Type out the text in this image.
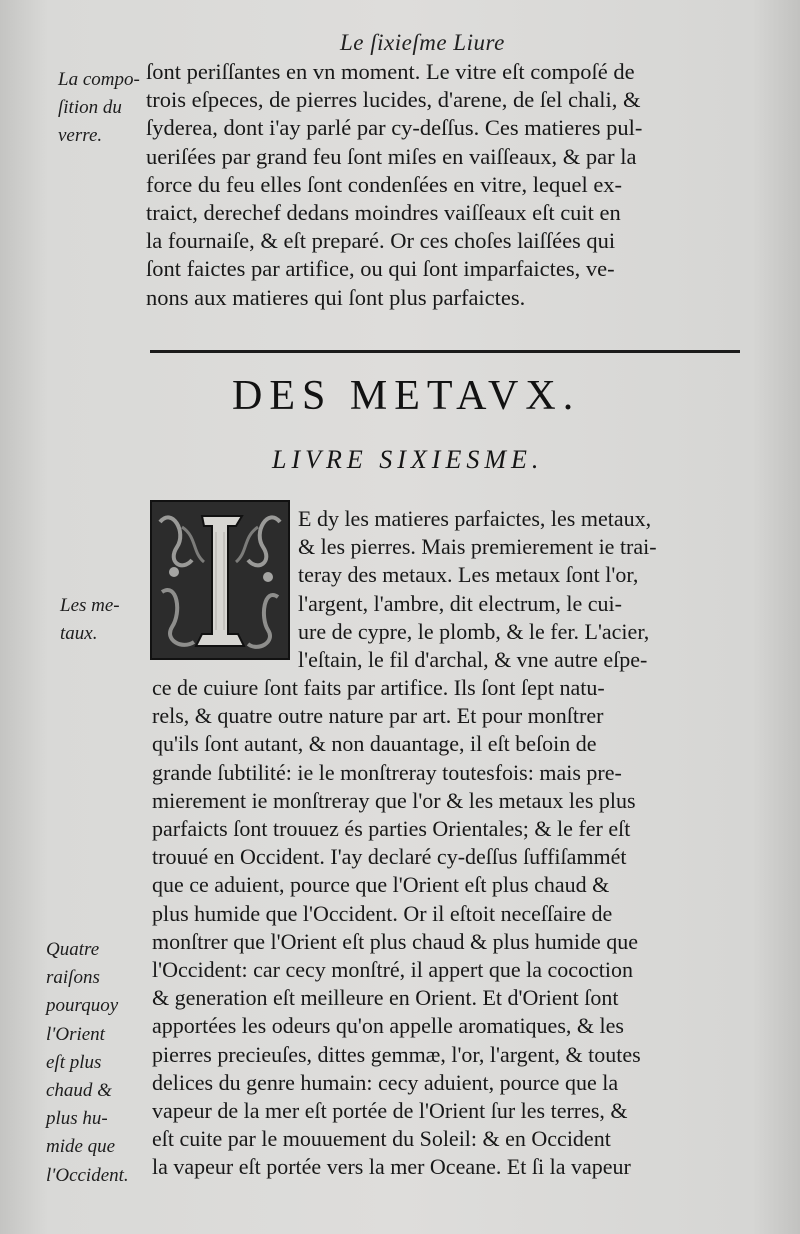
Le ſixieſme Liure
La compo-
ſition du
verre.
ſont periſſantes en vn moment. Le vitre eſt compoſé de
trois eſpeces, de pierres lucides, d'arene, de ſel chali, &
ſyderea, dont i'ay parlé par cy-deſſus. Ces matieres pul-
ueriſées par grand feu ſont miſes en vaiſſeaux, & par la
force du feu elles ſont condenſées en vitre, lequel ex-
traict, derechef dedans moindres vaiſſeaux eſt cuit en
la fournaiſe, & eſt preparé. Or ces choſes laiſſées qui
ſont faictes par artifice, ou qui ſont imparfaictes, ve-
nons aux matieres qui ſont plus parfaictes.
DES METAVX.
LIVRE SIXIESME.
Les me-
taux.
E dy les matieres parfaictes, les metaux,
& les pierres. Mais premierement ie trai-
teray des metaux. Les metaux ſont l'or,
l'argent, l'ambre, dit electrum, le cui-
ure de cypre, le plomb, & le fer. L'acier,
l'eſtain, le fil d'archal, & vne autre eſpe-
ce de cuiure ſont faits par artifice. Ils ſont ſept natu-
rels, & quatre outre nature par art. Et pour monſtrer
qu'ils ſont autant, & non dauantage, il eſt beſoin de
grande ſubtilité: ie le monſtreray toutesfois: mais pre-
mierement ie monſtreray que l'or & les metaux les plus
parfaicts ſont trouuez és parties Orientales; & le fer eſt
trouué en Occident. I'ay declaré cy-deſſus ſuffiſammét
que ce aduient, pource que l'Orient eſt plus chaud &
plus humide que l'Occident. Or il eſtoit neceſſaire de
monſtrer que l'Orient eſt plus chaud & plus humide que
l'Occident: car cecy monſtré, il appert que la cocoction
& generation eſt meilleure en Orient. Et d'Orient ſont
apportées les odeurs qu'on appelle aromatiques, & les
pierres precieuſes, dittes gemmæ, l'or, l'argent, & toutes
delices du genre humain: cecy aduient, pource que la
vapeur de la mer eſt portée de l'Orient ſur les terres, &
eſt cuite par le mouuement du Soleil: & en Occident
la vapeur eſt portée vers la mer Oceane. Et ſi la vapeur
Quatre
raiſons
pourquoy
l'Orient
eſt plus
chaud &
plus hu-
mide que
l'Occident.
